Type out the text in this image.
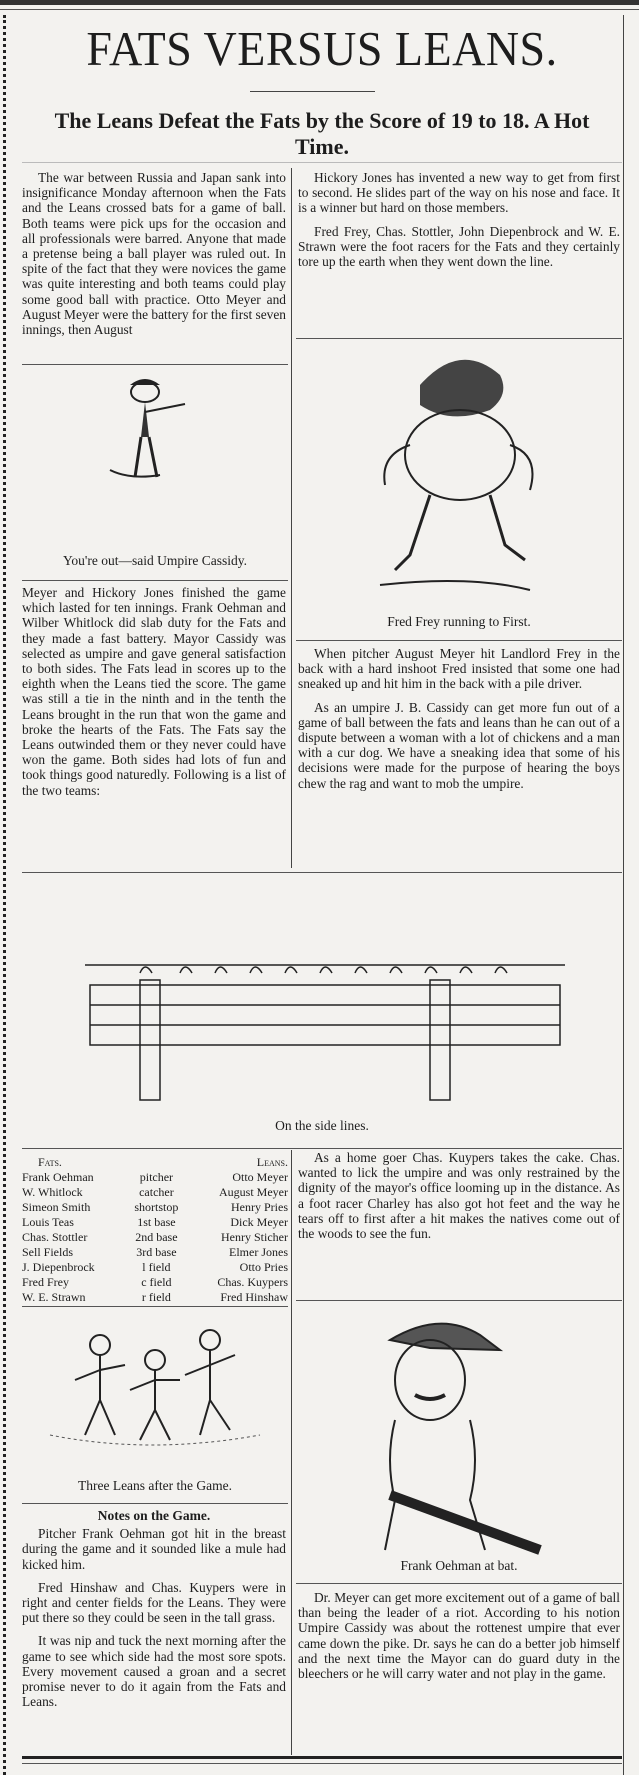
FATS VERSUS LEANS.
The Leans Defeat the Fats by the Score of 19 to 18. A Hot Time.

The war between Russia and Japan sank into insignificance Monday afternoon when the Fats and the Leans crossed bats for a game of ball. Both teams were pick ups for the occasion and all professionals were barred. Anyone that made a pretense being a ball player was ruled out. In spite of the fact that they were novices the game was quite interesting and both teams could play some good ball with practice. Otto Meyer and August Meyer were the battery for the first seven innings, then August

You're out—said Umpire Cassidy.

Meyer and Hickory Jones finished the game which lasted for ten innings. Frank Oehman and Wilber Whitlock did slab duty for the Fats and they made a fast battery. Mayor Cassidy was selected as umpire and gave general satisfaction to both sides. The Fats lead in scores up to the eighth when the Leans tied the score. The game was still a tie in the ninth and in the tenth the Leans brought in the run that won the game and broke the hearts of the Fats. The Fats say the Leans outwinded them or they never could have won the game. Both sides had lots of fun and took things good naturedly. Following is a list of the two teams:

Hickory Jones has invented a new way to get from first to second. He slides part of the way on his nose and face. It is a winner but hard on those members.

Fred Frey, Chas. Stottler, John Diepenbrock and W. E. Strawn were the foot racers for the Fats and they certainly tore up the earth when they went down the line.

Fred Frey running to First.

When pitcher August Meyer hit Landlord Frey in the back with a hard inshoot Fred insisted that some one had sneaked up and hit him in the back with a pile driver.

As an umpire J. B. Cassidy can get more fun out of a game of ball between the fats and leans than he can out of a dispute between a woman with a lot of chickens and a man with a cur dog. We have a sneaking idea that some of his decisions were made for the purpose of hearing the boys chew the rag and want to mob the umpire.

On the side lines.
Fats.		Leans.
Frank Oehman	pitcher	Otto Meyer
W. Whitlock	catcher	August Meyer
Simeon Smith	shortstop	Henry Pries
Louis Teas	1st base	Dick Meyer
Chas. Stottler	2nd base	Henry Sticher
Sell Fields	3rd base	Elmer Jones
J. Diepenbrock	l field	Otto Pries
Fred Frey	c field	Chas. Kuypers
W. E. Strawn	r field	Fred Hinshaw

As a home goer Chas. Kuypers takes the cake. Chas. wanted to lick the umpire and was only restrained by the dignity of the mayor's office looming up in the distance. As a foot racer Charley has also got hot feet and the way he tears off to first after a hit makes the natives come out of the woods to see the fun.

Three Leans after the Game.
Frank Oehman at bat.
Notes on the Game.

Pitcher Frank Oehman got hit in the breast during the game and it sounded like a mule had kicked him.

Fred Hinshaw and Chas. Kuypers were in right and center fields for the Leans. They were put there so they could be seen in the tall grass.

It was nip and tuck the next morning after the game to see which side had the most sore spots. Every movement caused a groan and a secret promise never to do it again from the Fats and Leans.

Dr. Meyer can get more excitement out of a game of ball than being the leader of a riot. According to his notion Umpire Cassidy was about the rottenest umpire that ever came down the pike. Dr. says he can do a better job himself and the next time the Mayor can do guard duty in the bleechers or he will carry water and not play in the game.
